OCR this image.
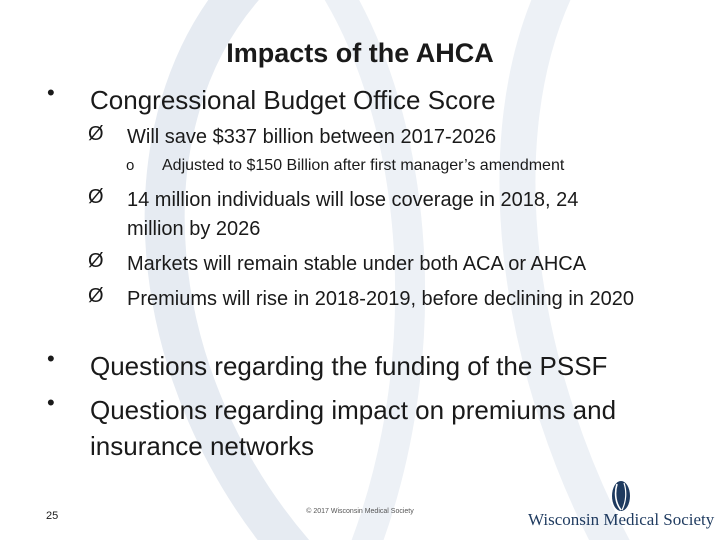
Impacts of the AHCA
• Congressional Budget Office Score
Ø Will save $337 billion between 2017-2026
o Adjusted to $150 Billion after first manager’s amendment
Ø 14 million individuals will lose coverage in 2018, 24 million by 2026
Ø Markets will remain stable under both ACA or AHCA
Ø Premiums will rise in 2018-2019, before declining in 2020
• Questions regarding the funding of the PSSF
• Questions regarding impact on premiums and insurance networks
25	© 2017 Wisconsin Medical Society	Wisconsin Medical Society
